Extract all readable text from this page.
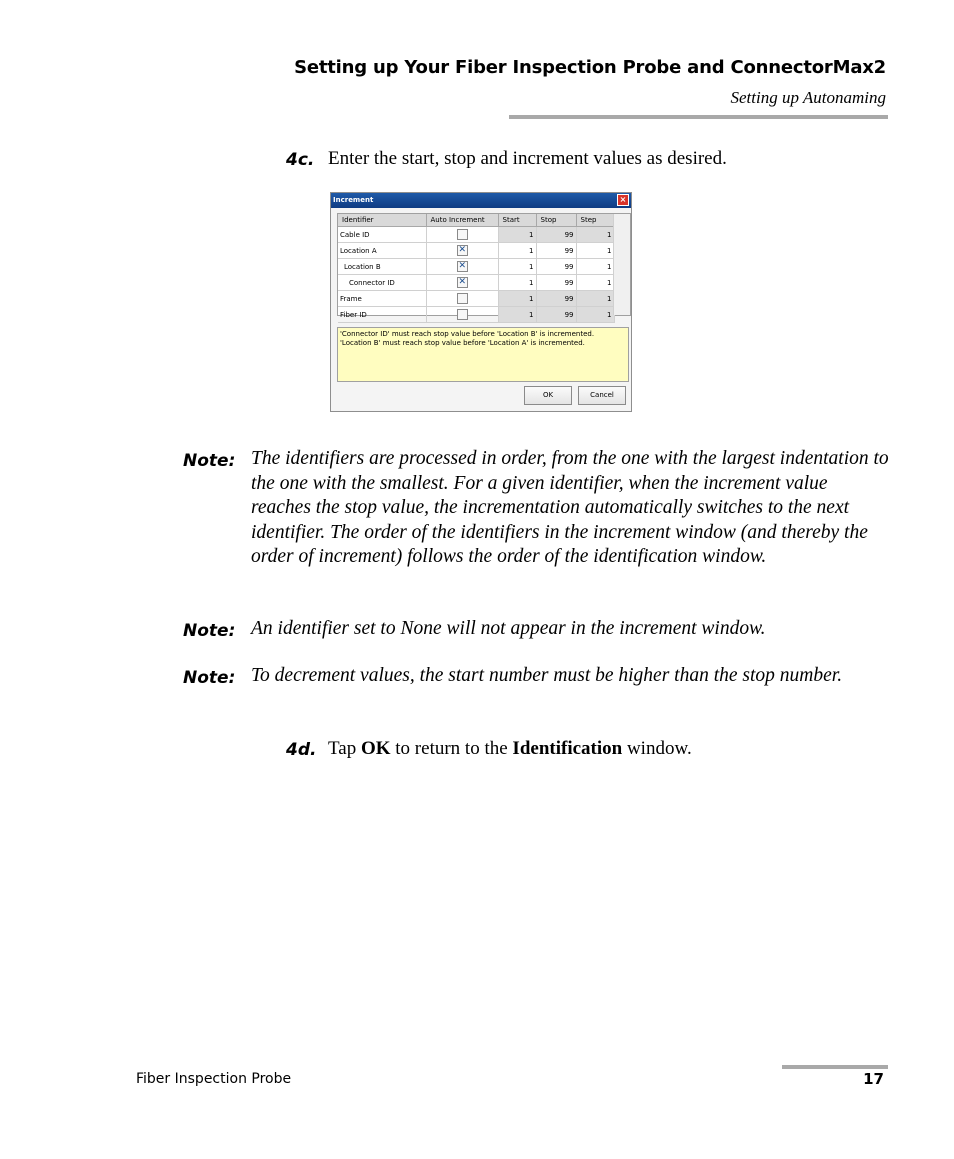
Setting up Your Fiber Inspection Probe and ConnectorMax2
Setting up Autonaming
4c. Enter the start, stop and increment values as desired.
Increment	×
Identifier	Auto Increment	Start	Stop	Step
Cable ID		1	99	1
Location A	✕	1	99	1
Location B	✕	1	99	1
Connector ID	✕	1	99	1
Frame		1	99	1
Fiber ID		1	99	1
'Connector ID' must reach stop value before 'Location B' is incremented.
'Location B' must reach stop value before 'Location A' is incremented.
OK	Cancel
Note: The identifiers are processed in order, from the one with the largest indentation to the one with the smallest. For a given identifier, when the increment value reaches the stop value, the incrementation automatically switches to the next identifier. The order of the identifiers in the increment window (and thereby the order of increment) follows the order of the identification window.
Note: An identifier set to None will not appear in the increment window.
Note: To decrement values, the start number must be higher than the stop number.
4d. Tap OK to return to the Identification window.
Fiber Inspection Probe	17
